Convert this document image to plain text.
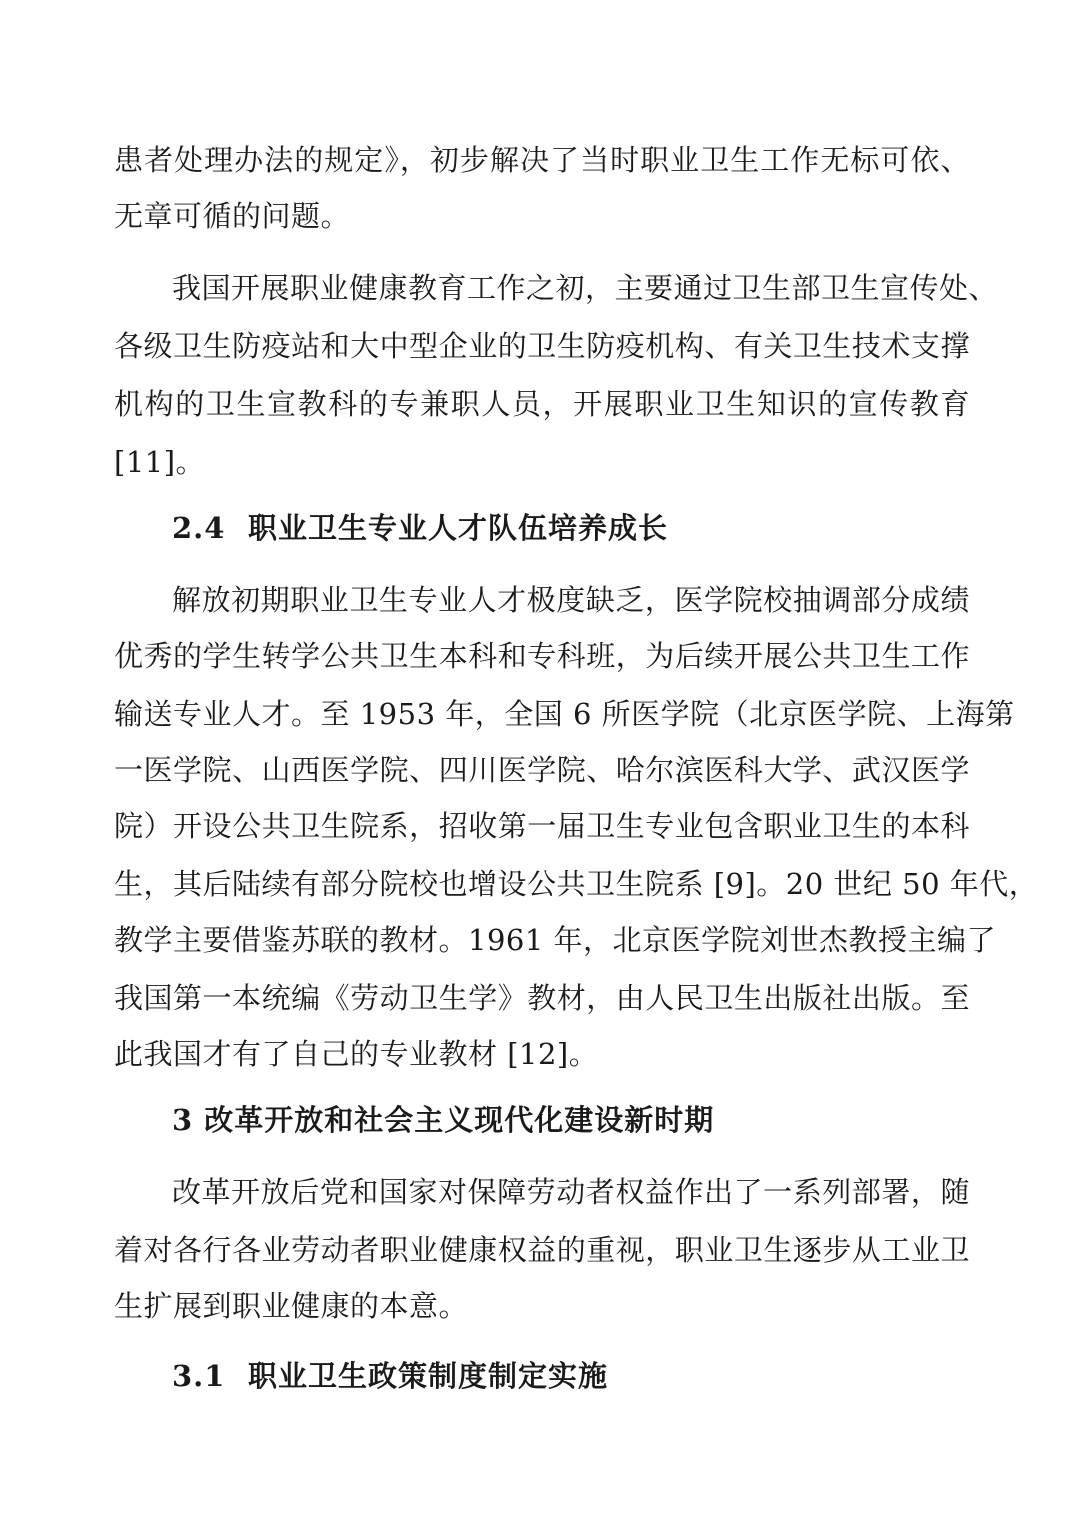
患者处理办法的规定》，初步解决了当时职业卫生工作无标可依、
无章可循的问题。
我国开展职业健康教育工作之初，主要通过卫生部卫生宣传处、
各级卫生防疫站和大中型企业的卫生防疫机构、有关卫生技术支撑
机构的卫生宣教科的专兼职人员，开展职业卫生知识的宣传教育
[11]。
2.4 职业卫生专业人才队伍培养成长
解放初期职业卫生专业人才极度缺乏，医学院校抽调部分成绩
优秀的学生转学公共卫生本科和专科班，为后续开展公共卫生工作
输送专业人才。至 1953 年，全国 6 所医学院（北京医学院、上海第
一医学院、山西医学院、四川医学院、哈尔滨医科大学、武汉医学
院）开设公共卫生院系，招收第一届卫生专业包含职业卫生的本科
生，其后陆续有部分院校也增设公共卫生院系 [9]。20 世纪 50 年代，
教学主要借鉴苏联的教材。1961 年，北京医学院刘世杰教授主编了
我国第一本统编《劳动卫生学》教材，由人民卫生出版社出版。至
此我国才有了自己的专业教材 [12]。
3 改革开放和社会主义现代化建设新时期
改革开放后党和国家对保障劳动者权益作出了一系列部署，随
着对各行各业劳动者职业健康权益的重视，职业卫生逐步从工业卫
生扩展到职业健康的本意。
3.1 职业卫生政策制度制定实施
